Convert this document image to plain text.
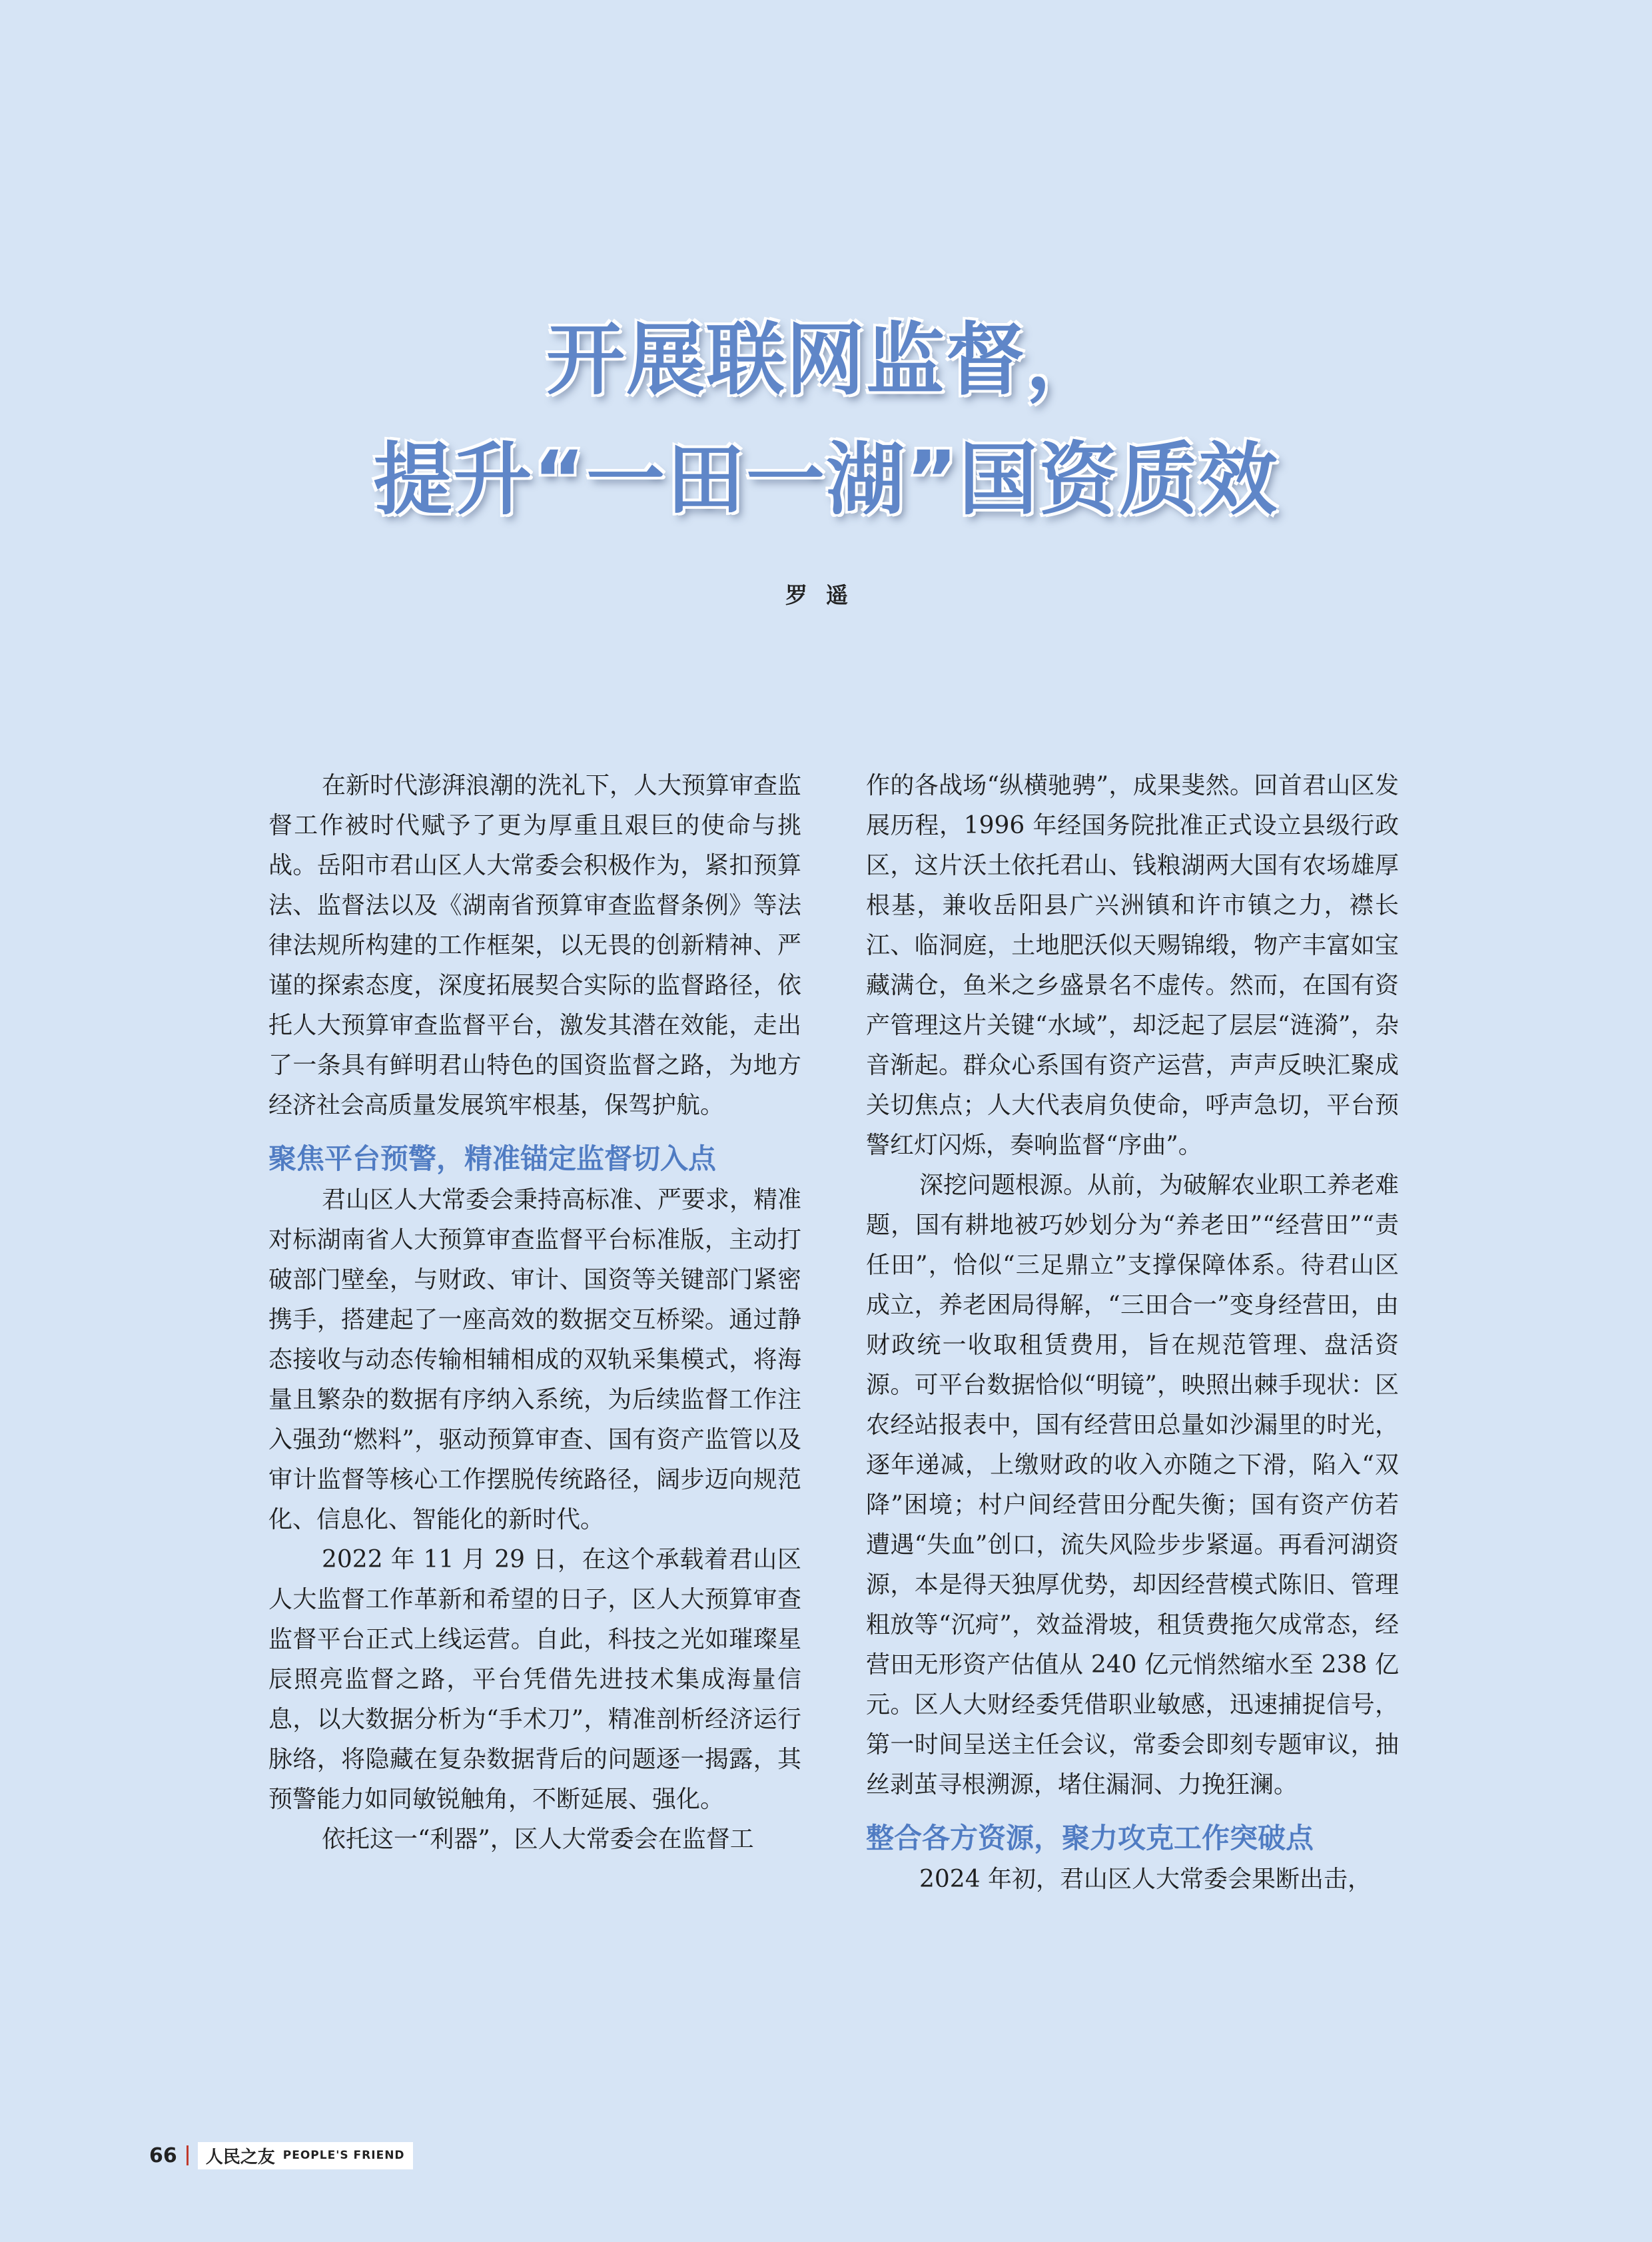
开展联网监督，
提升“一田一湖”国资质效
罗遥

在新时代澎湃浪潮的洗礼下，人大预算审查监督工作被时代赋予了更为厚重且艰巨的使命与挑战。岳阳市君山区人大常委会积极作为，紧扣预算法、监督法以及《湖南省预算审查监督条例》等法律法规所构建的工作框架，以无畏的创新精神、严谨的探索态度，深度拓展契合实际的监督路径，依托人大预算审查监督平台，激发其潜在效能，走出了一条具有鲜明君山特色的国资监督之路，为地方经济社会高质量发展筑牢根基，保驾护航。

聚焦平台预警，精准锚定监督切入点

君山区人大常委会秉持高标准、严要求，精准对标湖南省人大预算审查监督平台标准版，主动打破部门壁垒，与财政、审计、国资等关键部门紧密携手，搭建起了一座高效的数据交互桥梁。通过静态接收与动态传输相辅相成的双轨采集模式，将海量且繁杂的数据有序纳入系统，为后续监督工作注入强劲“燃料”，驱动预算审查、国有资产监管以及审计监督等核心工作摆脱传统路径，阔步迈向规范化、信息化、智能化的新时代。

2022 年 11 月 29 日，在这个承载着君山区人大监督工作革新和希望的日子，区人大预算审查监督平台正式上线运营。自此，科技之光如璀璨星辰照亮监督之路，平台凭借先进技术集成海量信息，以大数据分析为“手术刀”，精准剖析经济运行脉络，将隐藏在复杂数据背后的问题逐一揭露，其预警能力如同敏锐触角，不断延展、强化。

依托这一“利器”，区人大常委会在监督工

作的各战场“纵横驰骋”，成果斐然。回首君山区发展历程，1996 年经国务院批准正式设立县级行政区，这片沃土依托君山、钱粮湖两大国有农场雄厚根基，兼收岳阳县广兴洲镇和许市镇之力，襟长江、临洞庭，土地肥沃似天赐锦缎，物产丰富如宝藏满仓，鱼米之乡盛景名不虚传。然而，在国有资产管理这片关键“水域”，却泛起了层层“涟漪”，杂音渐起。群众心系国有资产运营，声声反映汇聚成关切焦点；人大代表肩负使命，呼声急切，平台预警红灯闪烁，奏响监督“序曲”。

深挖问题根源。从前，为破解农业职工养老难题，国有耕地被巧妙划分为“养老田”“经营田”“责任田”，恰似“三足鼎立”支撑保障体系。待君山区成立，养老困局得解，“三田合一”变身经营田，由财政统一收取租赁费用，旨在规范管理、盘活资源。可平台数据恰似“明镜”，映照出棘手现状：区农经站报表中，国有经营田总量如沙漏里的时光，逐年递减，上缴财政的收入亦随之下滑，陷入“双降”困境；村户间经营田分配失衡；国有资产仿若遭遇“失血”创口，流失风险步步紧逼。再看河湖资源，本是得天独厚优势，却因经营模式陈旧、管理粗放等“沉疴”，效益滑坡，租赁费拖欠成常态，经营田无形资产估值从 240 亿元悄然缩水至 238 亿元。区人大财经委凭借职业敏感，迅速捕捉信号，第一时间呈送主任会议，常委会即刻专题审议，抽丝剥茧寻根溯源，堵住漏洞、力挽狂澜。

整合各方资源，聚力攻克工作突破点

2024 年初，君山区人大常委会果断出击，

66 人民之友 PEOPLE'S FRIEND
